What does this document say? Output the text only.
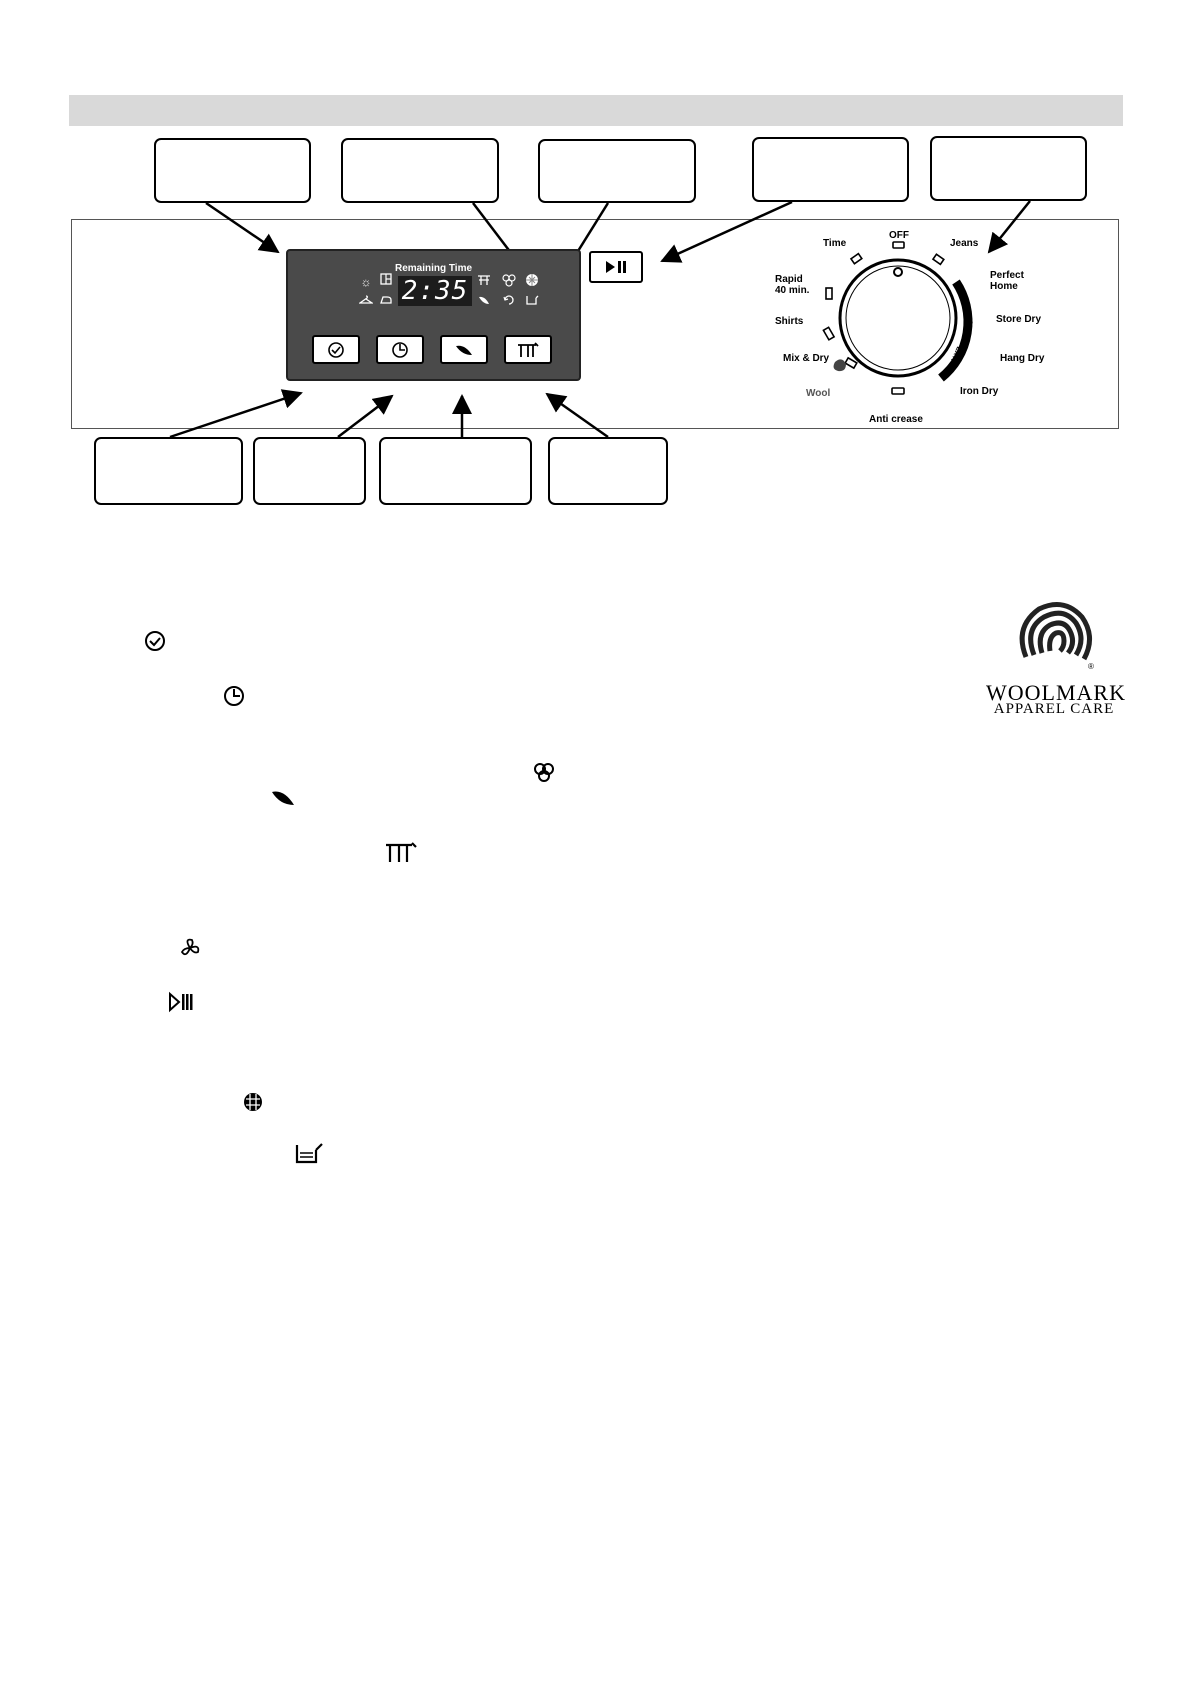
Remaining Time
2:35
☼
OFF
Time	Jeans
Perfect
Home
Rapid
40 min.
Store Dry
Shirts
Hang Dry
Mix & Dry
Iron Dry
Wool
Anti crease
AUTO
EXTRA
®
WOOLMARK
APPAREL CARE
